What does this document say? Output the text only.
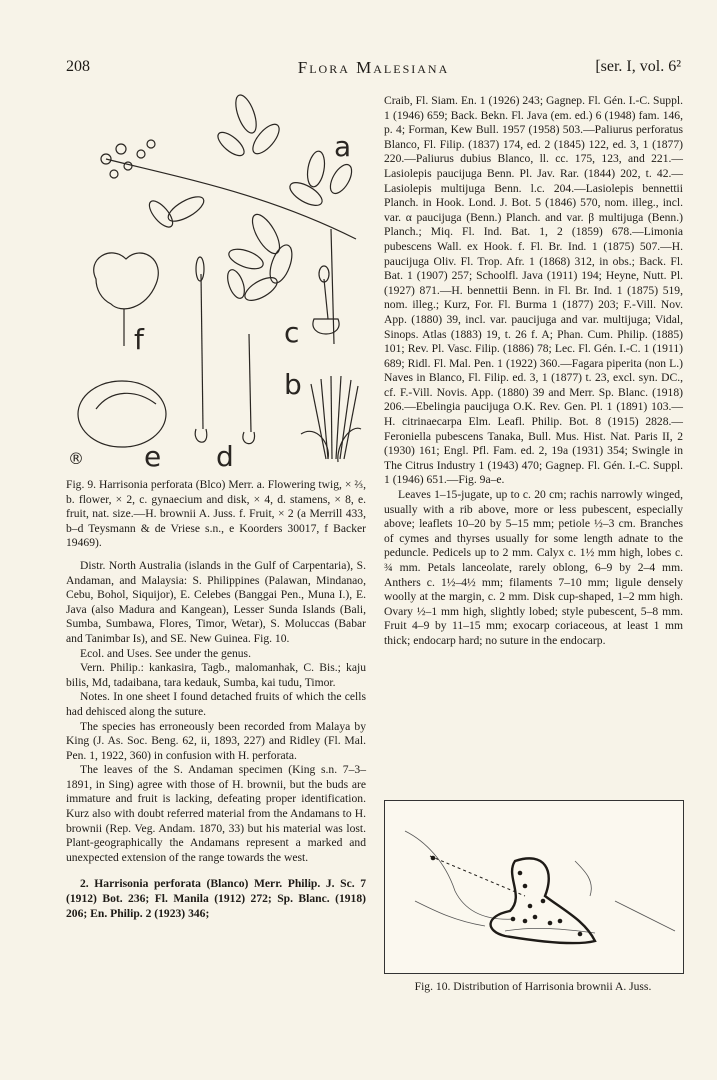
208	Flora Malesiana	[ser. I, vol. 6²
a
b
c
d
e
f
®

Fig. 9. Harrisonia perforata (Blco) Merr. a. Flowering twig, × ⅔, b. flower, × 2, c. gynaecium and disk, × 4, d. stamens, × 8, e. fruit, nat. size.—H. brownii A. Juss. f. Fruit, × 2 (a Merrill 433, b–d Teysmann & de Vriese s.n., e Koorders 30017, f Backer 19469).

Distr. North Australia (islands in the Gulf of Carpentaria), S. Andaman, and Malaysia: S. Philippines (Palawan, Mindanao, Cebu, Bohol, Siquijor), E. Celebes (Banggai Pen., Muna I.), E. Java (also Madura and Kangean), Lesser Sunda Islands (Bali, Sumba, Sumbawa, Flores, Timor, Wetar), S. Moluccas (Babar and Tanimbar Is), and SE. New Guinea. Fig. 10.

Ecol. and Uses. See under the genus.

Vern. Philip.: kankasira, Tagb., malomanhak, C. Bis.; kaju bilis, Md, tadaibana, tara kedauk, Sumba, kai tudu, Timor.

Notes. In one sheet I found detached fruits of which the cells had dehisced along the suture.

The species has erroneously been recorded from Malaya by King (J. As. Soc. Beng. 62, ii, 1893, 227) and Ridley (Fl. Mal. Pen. 1, 1922, 360) in confusion with H. perforata.

The leaves of the S. Andaman specimen (King s.n. 7–3–1891, in Sing) agree with those of H. brownii, but the buds are immature and fruit is lacking, defeating proper identification. Kurz also with doubt referred material from the Andamans to H. brownii (Rep. Veg. Andam. 1870, 33) but his material was lost. Plant-geographically the Andamans represent a marked and unexpected extension of the range towards the west.

2. Harrisonia perforata (Blanco) Merr. Philip. J. Sc. 7 (1912) Bot. 236; Fl. Manila (1912) 272; Sp. Blanc. (1918) 206; En. Philip. 2 (1923) 346;

Craib, Fl. Siam. En. 1 (1926) 243; Gagnep. Fl. Gén. I.-C. Suppl. 1 (1946) 659; Back. Bekn. Fl. Java (em. ed.) 6 (1948) fam. 146, p. 4; Forman, Kew Bull. 1957 (1958) 503.—Paliurus perforatus Blanco, Fl. Filip. (1837) 174, ed. 2 (1845) 122, ed. 3, 1 (1877) 220.—Paliurus dubius Blanco, ll. cc. 175, 123, and 221.—Lasiolepis paucijuga Benn. Pl. Jav. Rar. (1844) 202, t. 42.—Lasiolepis multijuga Benn. l.c. 204.—Lasiolepis bennettii Planch. in Hook. Lond. J. Bot. 5 (1846) 570, nom. illeg., incl. var. α paucijuga (Benn.) Planch. and var. β multijuga (Benn.) Planch.; Miq. Fl. Ind. Bat. 1, 2 (1859) 678.—Limonia pubescens Wall. ex Hook. f. Fl. Br. Ind. 1 (1875) 507.—H. paucijuga Oliv. Fl. Trop. Afr. 1 (1868) 312, in obs.; Back. Fl. Bat. 1 (1907) 257; Schoolfl. Java (1911) 194; Heyne, Nutt. Pl. (1927) 871.—H. bennettii Benn. in Fl. Br. Ind. 1 (1875) 519, nom. illeg.; Kurz, For. Fl. Burma 1 (1877) 203; F.-Vill. Nov. App. (1880) 39, incl. var. paucijuga and var. multijuga; Vidal, Sinops. Atlas (1883) 19, t. 26 f. A; Phan. Cum. Philip. (1885) 101; Rev. Pl. Vasc. Filip. (1886) 78; Lec. Fl. Gén. I.-C. 1 (1911) 689; Ridl. Fl. Mal. Pen. 1 (1922) 360.—Fagara piperita (non L.) Naves in Blanco, Fl. Filip. ed. 3, 1 (1877) t. 23, excl. syn. DC., cf. F.-Vill. Novis. App. (1880) 39 and Merr. Sp. Blanc. (1918) 206.—Ebelingia paucijuga O.K. Rev. Gen. Pl. 1 (1891) 103.—H. citrinaecarpa Elm. Leafl. Philip. Bot. 8 (1915) 2828.—Feroniella pubescens Tanaka, Bull. Mus. Hist. Nat. Paris II, 2 (1930) 161; Engl. Pfl. Fam. ed. 2, 19a (1931) 354; Swingle in The Citrus Industry 1 (1943) 470; Gagnep. Fl. Gén. I.-C. Suppl. 1 (1946) 651.—Fig. 9a–e.

Leaves 1–15-jugate, up to c. 20 cm; rachis narrowly winged, usually with a rib above, more or less pubescent, especially above; leaflets 10–20 by 5–15 mm; petiole ½–3 cm. Branches of cymes and thyrses usually for some length adnate to the peduncle. Pedicels up to 2 mm. Calyx c. 1½ mm high, lobes c. ¾ mm. Petals lanceolate, rarely oblong, 6–9 by 2–4 mm. Anthers c. 1½–4½ mm; filaments 7–10 mm; ligule densely woolly at the margin, c. 2 mm. Disk cup-shaped, 1–2 mm high. Ovary ½–1 mm high, slightly lobed; style pubescent, 5–8 mm. Fruit 4–9 by 11–15 mm; exocarp coriaceous, at least 1 mm thick; endocarp hard; no suture in the endocarp.

Fig. 10. Distribution of Harrisonia brownii A. Juss.
